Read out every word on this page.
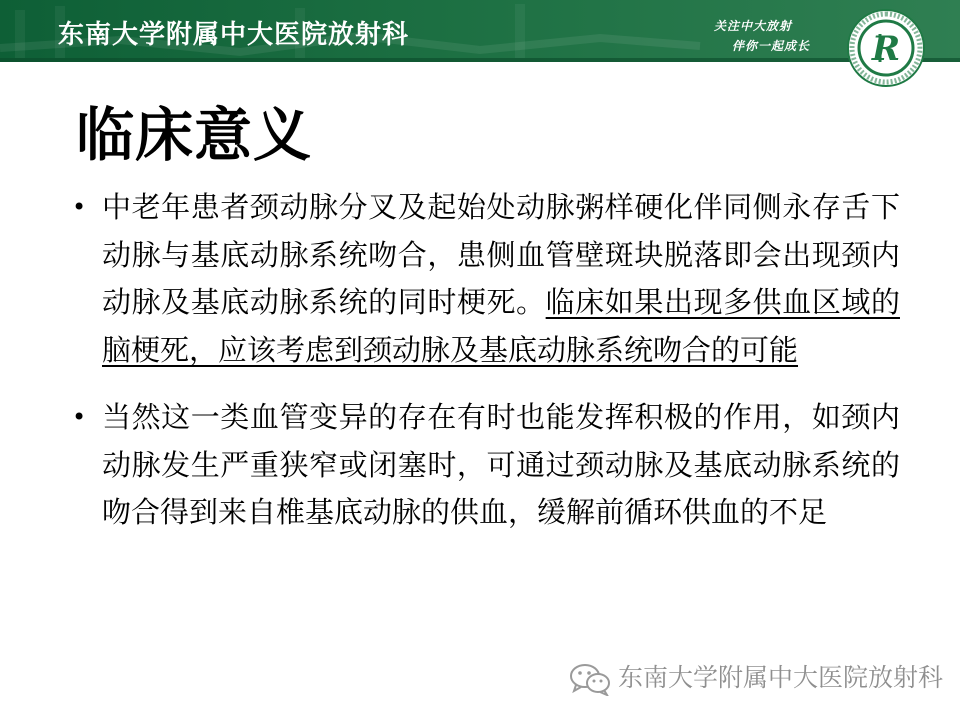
东南大学附属中大医院放射科	关注中大放射
伴你一起成长 R
临床意义
• 中老年患者颈动脉分叉及起始处动脉粥样硬化伴同侧永存舌下动脉与基底动脉系统吻合，患侧血管壁斑块脱落即会出现颈内动脉及基底动脉系统的同时梗死。临床如果出现多供血区域的脑梗死，应该考虑到颈动脉及基底动脉系统吻合的可能
• 当然这一类血管变异的存在有时也能发挥积极的作用，如颈内动脉发生严重狭窄或闭塞时，可通过颈动脉及基底动脉系统的吻合得到来自椎基底动脉的供血，缓解前循环供血的不足
东南大学附属中大医院放射科
